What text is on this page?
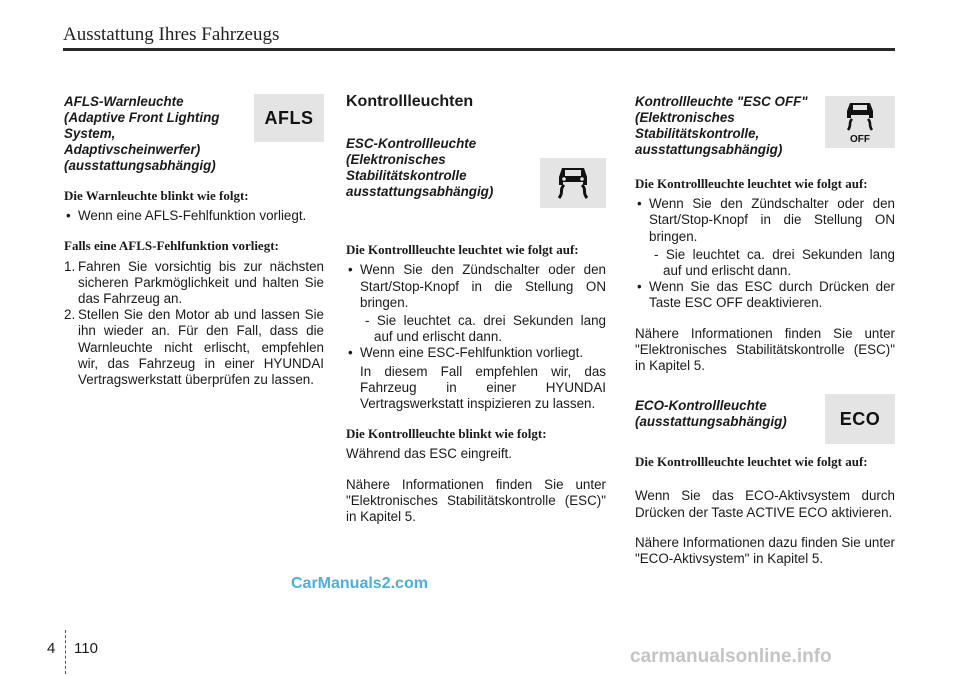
Ausstattung Ihres Fahrzeugs
AFLS-Warnleuchte
(Adaptive Front Lighting
System,
Adaptivscheinwerfer)
(ausstattungsabhängig)
AFLS
Die Warnleuchte blinkt wie folgt:
• Wenn eine AFLS-Fehlfunktion vorliegt.
Falls eine AFLS-Fehlfunktion vorliegt:
1. Fahren Sie vorsichtig bis zur nächsten sicheren Parkmöglichkeit und halten Sie das Fahrzeug an.
2. Stellen Sie den Motor ab und lassen Sie ihn wieder an. Für den Fall, dass die Warnleuchte nicht erlischt, empfehlen wir, das Fahrzeug in einer HYUNDAI Vertragswerkstatt überprüfen zu lassen.
Kontrollleuchten
ESC-Kontrollleuchte
(Elektronisches
Stabilitätskontrolle
ausstattungsabhängig)
Die Kontrollleuchte leuchtet wie folgt auf:
• Wenn Sie den Zündschalter oder den Start/Stop-Knopf in die Stellung ON bringen.

- Sie leuchtet ca. drei Sekunden lang auf und erlischt dann.

• Wenn eine ESC-Fehlfunktion vorliegt.

In diesem Fall empfehlen wir, das Fahrzeug in einer HYUNDAI Vertragswerkstatt inspizieren zu lassen.

Die Kontrollleuchte blinkt wie folgt:

Während das ESC eingreift.

Nähere Informationen finden Sie unter "Elektronisches Stabilitätskontrolle (ESC)" in Kapitel 5.

Kontrollleuchte "ESC OFF"
(Elektronisches
Stabilitätskontrolle,
ausstattungsabhängig)
OFF
Die Kontrollleuchte leuchtet wie folgt auf:
• Wenn Sie den Zündschalter oder den Start/Stop-Knopf in die Stellung ON bringen.

- Sie leuchtet ca. drei Sekunden lang auf und erlischt dann.

• Wenn Sie das ESC durch Drücken der Taste ESC OFF deaktivieren.

Nähere Informationen finden Sie unter "Elektronisches Stabilitätskontrolle (ESC)" in Kapitel 5.

ECO-Kontrollleuchte
(ausstattungsabhängig)	ECO
Die Kontrollleuchte leuchtet wie folgt auf:

Wenn Sie das ECO-Aktivsystem durch Drücken der Taste ACTIVE ECO aktivieren.

Nähere Informationen dazu finden Sie unter "ECO-Aktivsystem" in Kapitel 5.

CarManuals2.com
4 110	carmanualsonline.info
